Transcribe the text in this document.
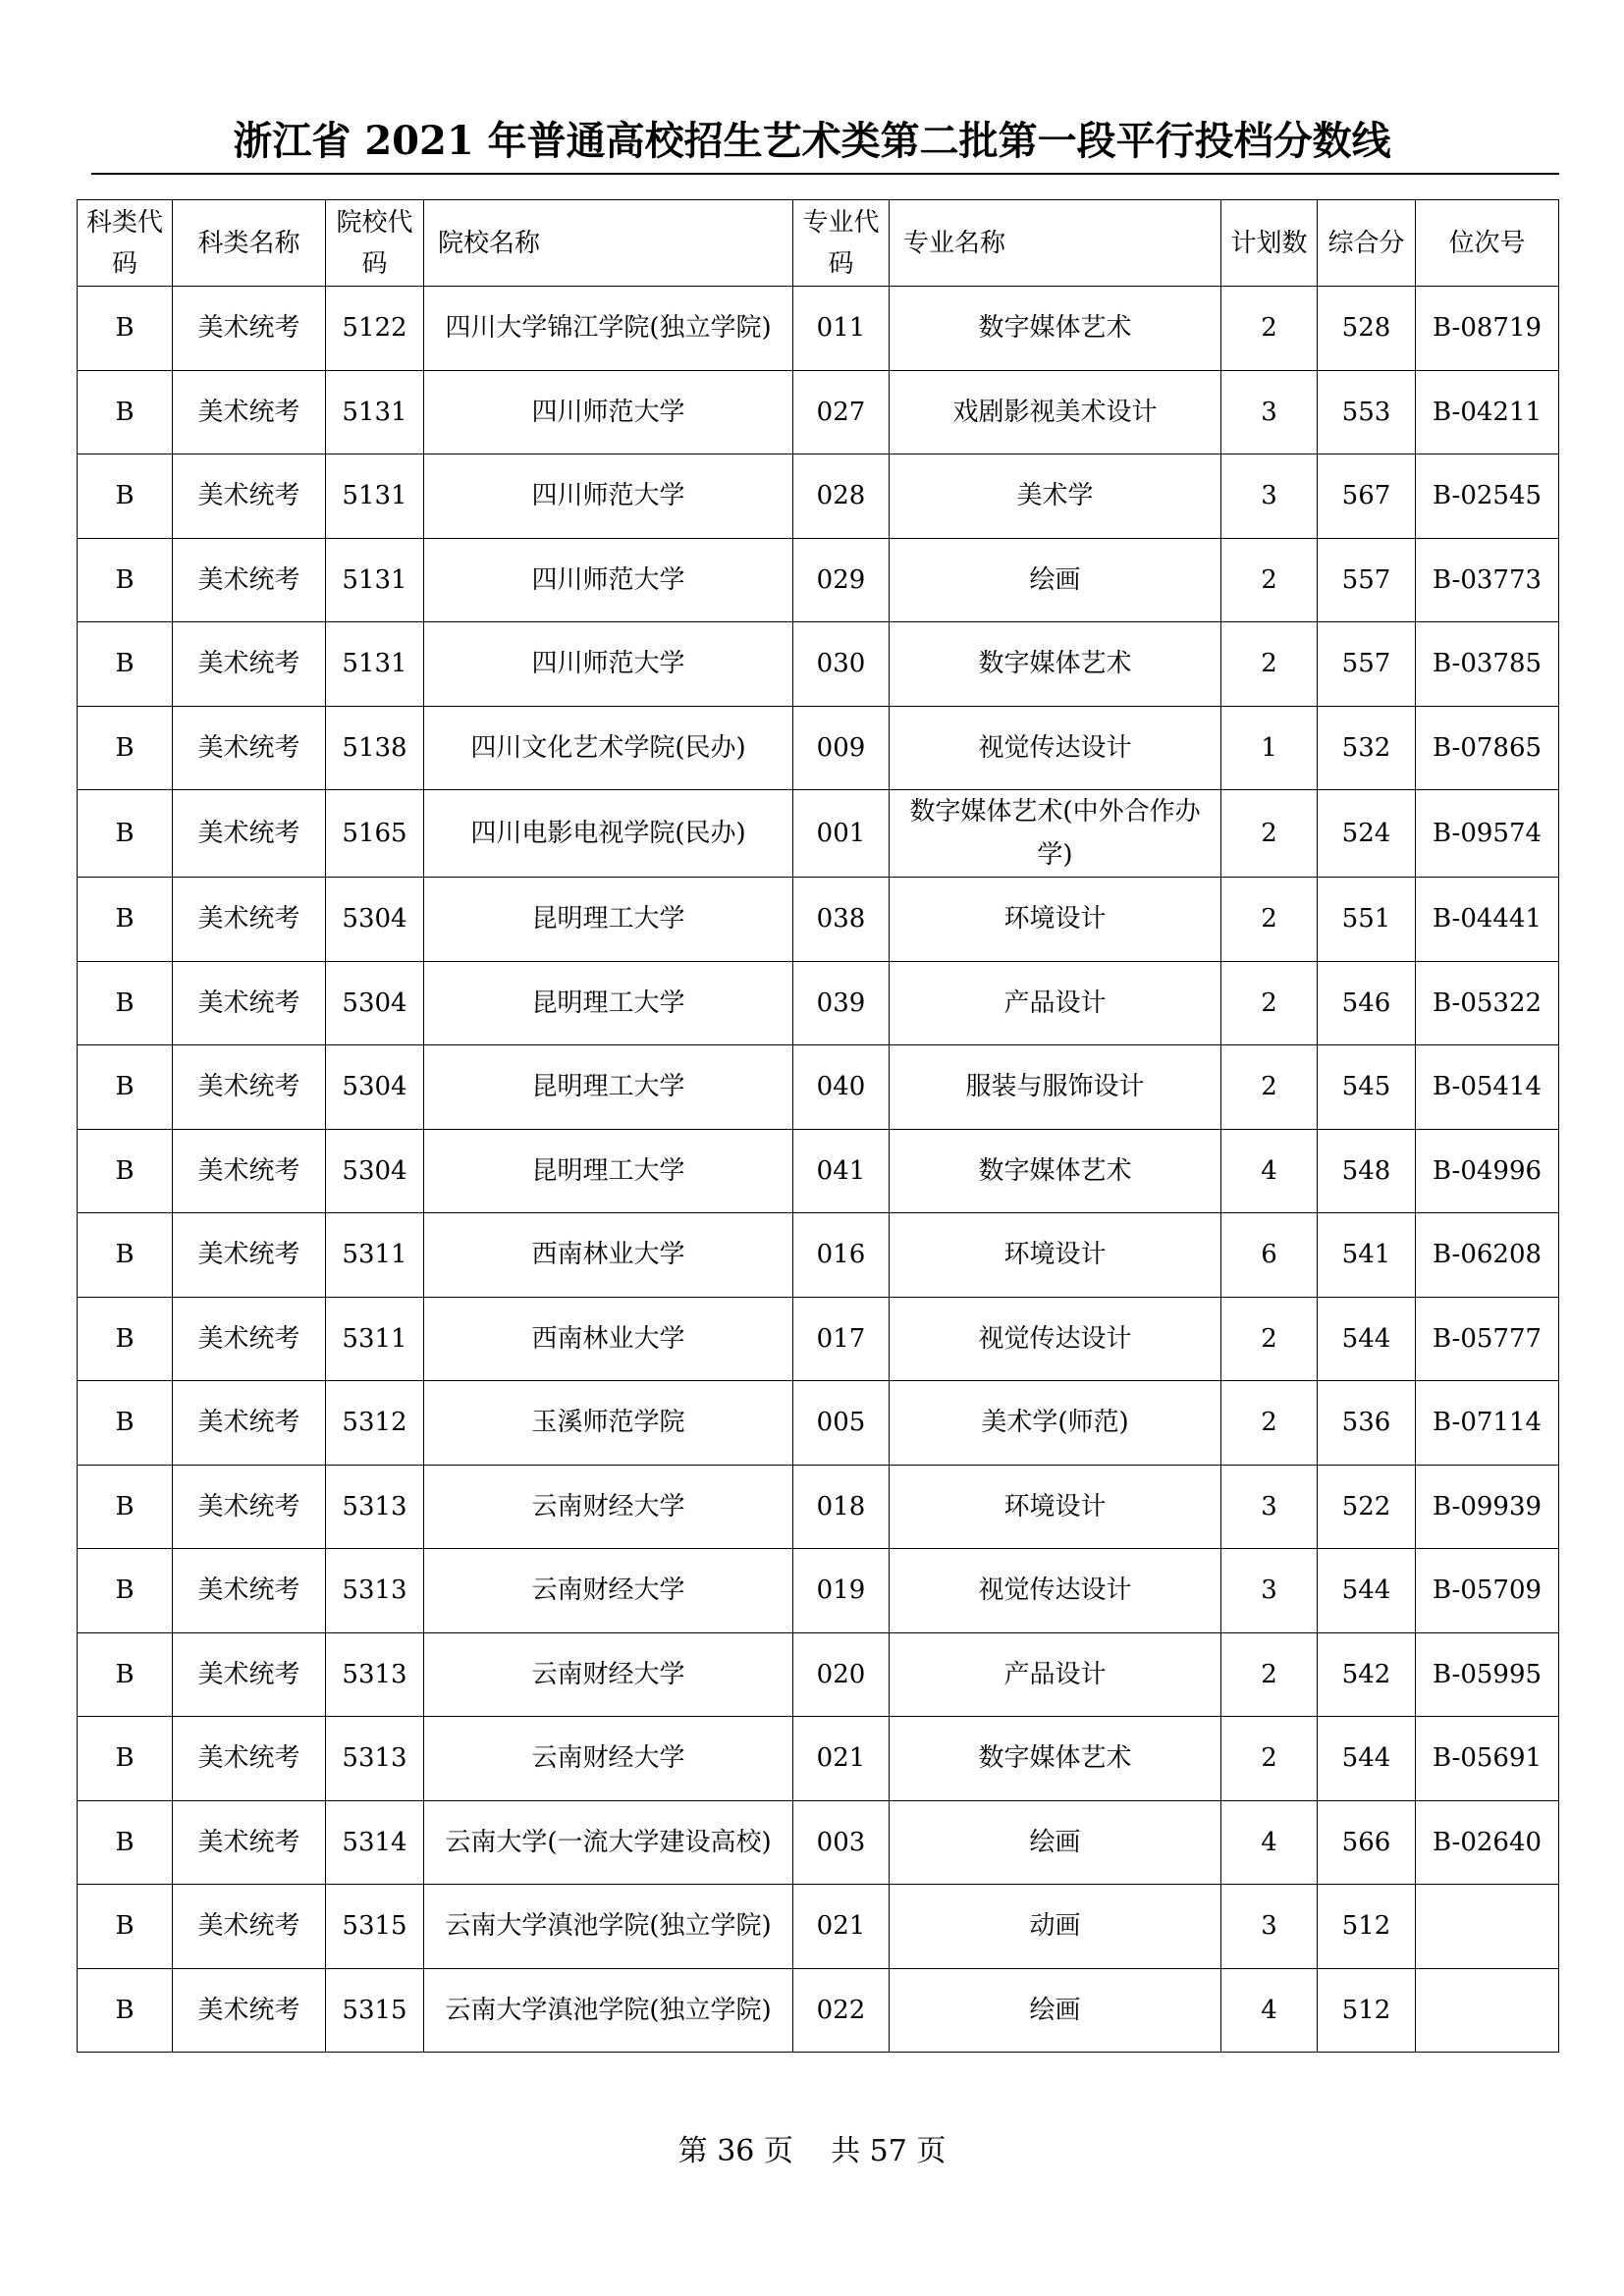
浙江省 2021 年普通高校招生艺术类第二批第一段平行投档分数线
科类代码	科类名称	院校代码	院校名称	专业代码	专业名称	计划数	综合分	位次号
B	美术统考	5122	四川大学锦江学院(独立学院)	011	数字媒体艺术	2	528	B-08719
B	美术统考	5131	四川师范大学	027	戏剧影视美术设计	3	553	B-04211
B	美术统考	5131	四川师范大学	028	美术学	3	567	B-02545
B	美术统考	5131	四川师范大学	029	绘画	2	557	B-03773
B	美术统考	5131	四川师范大学	030	数字媒体艺术	2	557	B-03785
B	美术统考	5138	四川文化艺术学院(民办)	009	视觉传达设计	1	532	B-07865
B	美术统考	5165	四川电影电视学院(民办)	001	数字媒体艺术(中外合作办学)	2	524	B-09574
B	美术统考	5304	昆明理工大学	038	环境设计	2	551	B-04441
B	美术统考	5304	昆明理工大学	039	产品设计	2	546	B-05322
B	美术统考	5304	昆明理工大学	040	服装与服饰设计	2	545	B-05414
B	美术统考	5304	昆明理工大学	041	数字媒体艺术	4	548	B-04996
B	美术统考	5311	西南林业大学	016	环境设计	6	541	B-06208
B	美术统考	5311	西南林业大学	017	视觉传达设计	2	544	B-05777
B	美术统考	5312	玉溪师范学院	005	美术学(师范)	2	536	B-07114
B	美术统考	5313	云南财经大学	018	环境设计	3	522	B-09939
B	美术统考	5313	云南财经大学	019	视觉传达设计	3	544	B-05709
B	美术统考	5313	云南财经大学	020	产品设计	2	542	B-05995
B	美术统考	5313	云南财经大学	021	数字媒体艺术	2	544	B-05691
B	美术统考	5314	云南大学(一流大学建设高校)	003	绘画	4	566	B-02640
B	美术统考	5315	云南大学滇池学院(独立学院)	021	动画	3	512	
B	美术统考	5315	云南大学滇池学院(独立学院)	022	绘画	4	512	
第 36 页 共 57 页
